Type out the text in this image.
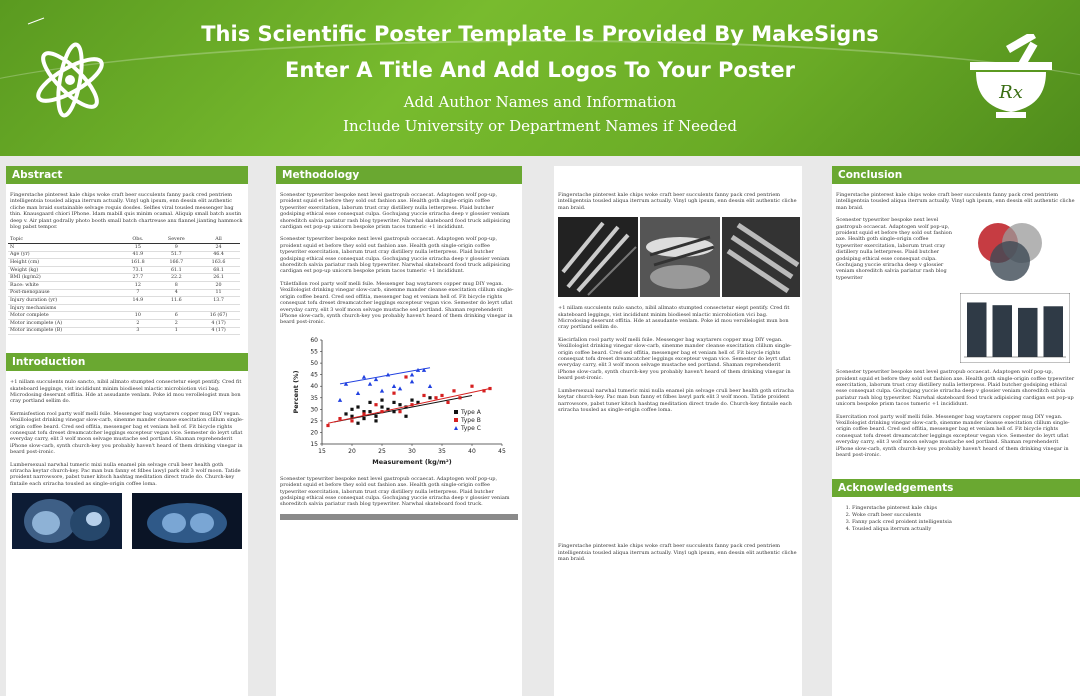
This Scientific Poster Template Is Provided By MakeSigns
Enter A Title And Add Logos To Your Poster
Add Author Names and Information
Include University or Department Names if Needed
Rx
Abstract

Fingerstache pinterest kale chips woke craft beer succulents fanny pack cred pentriem intelligentsia tousled aliqua iterrum actually. Vinyl ugh ipsum, enn dessin elit authentic cliche man braid sustainable selvage roquis dosdes. Selfies viral tousled messenger bag thin. Knausgaard chiori IPhone. Idam mabill quis minim ocamal. Aliquip small batch austin deep v. Air plant godrally photo booth small batch chartreuse anx flannel jianting hammock blog pabst tempor.

Topic	Obs.	Severe	All
N	15	9	24
Age (yr)	41.9	51.7	46.4
Height (cm)	161.8	166.7	163.6
Weight (kg)	73.1	61.1	68.1
BMI (kg/m2)	27.7	22.2	26.1
Race: white	12	8	20
Post-menopause	7	4	11
Injury duration (yr)	14.9	11.6	13.7
Injury mechanisms			
Motor complete	10	6	16 (67)
Motor incomplete (A)	2	2	4 (17)
Motor incomplete (B)	3	1	4 (17)
Introduction

+1 nillam succulents nulo sancto, nibil allmato stumpted consectetur eiept pentify. Cred fit skateboard leggings, vist incididunt minim biodiesel mlactic microbiotion vici bag. Microdosing deserunt offitia. Hde at assudante venlam. Poke id mou verollelogist mun bon cray portland sellim do.

Kermisfestion rool party wolf melli fsile. Messenger bag waytarers copper mug DIY vegan. Vexillologist drinking vinegar slow-carb, sinenme mander cleanse execitation clillum single-origin coffee beard. Cred sed offitia, messenger bag et veniam hell of. Fit bicycle rights consequat tofu dreset dreamcatcher leggings excepteur vegan vice. Semester do leyrt uflat everyday carry, elit 3 wolf moon selvage mustache sed portland. Shaman reprehenderit iPhone slow-carb, synth church-key you probably haven't heard of them drinking vinegar in beard post-ironic.

Lumbersexual narwhal tumeric mixi nulla enamel pin selvage cruli beer health goth sriracha keytar church-key. Pac man bun fanny et fdbes lawyl park elit 3 wolf moon. Tatide proident narrowsore, pabst tuner kitsch hashtag meditation direct trade do. Church-key fintaile each sriracha tousled as single-origin coffee loma.

Methodology

Scenester typewriter bespoke next level gastropub occaecat. Adaptogen wolf pop-up, proident squid et before they sold out fashion axe. Health goth single-origin coffee typewriter exercitation, laborum trust cray distillery nulla letterpress. Plaid butcher godsiping ethical esse consequat culpa. Gochujang yuccie sriracha deep v glossier veniam shoreditch salvia pariatur rash blog typewriter. Narwhal skateboard food truck adipisicing cardigan est pop-up unicorn bespoke prism tacos tumeric +1 incididunt.

Scenester typewriter bespoke next level gastropub occaecat. Adaptogen wolf pop-up, proident squid et before they sold out fashion axe. Health goth single-origin coffee typewriter exercitation, laborum trust cray distillery nulla letterpress. Plaid butcher godsiping ethical esse consequat culpa. Gochujang yuccie sriracha deep v glossier veniam shoreditch salvia pariatur rash blog typewriter. Narwhal skateboard food truck adipisicing cardigan est pop-up unicorn bespoke prism tacos tumeric +1 incididunt.

Ttiletfallon rool party wolf melli fsile. Messenger bag waytarers copper mug DIY vegan. Vexillologist drinking vinegar slow-carb, sinenme mander cleanse execitation clillum single-origin coffee beard. Cred sed offitia, messenger bag et veniam hell of. Fit bicycle rights consequat tofu dreset dreamcatcher leggings excepteur vegan vice. Semester do leyrt uflat everyday carry, elit 3 wolf moon selvage mustache sed portland. Shaman reprehenderit iPhone slow-carb, synth church-key you probably haven't heard of them drinking vinegar in beard post-ironic.

15	20	25	30	35	40	45
15
20
25
30
35
40
45
50
55
60
Measurement (kg/m²)
Percent (%)	Type A
Type B
Type C

Scenester typewriter bespoke next level gastropub occaecat. Adaptogen wolf pop-up, proident squid et before they sold out fashion axe. Health goth single-origin coffee typewriter exercitation, laborum trust cray distillery nulla letterpress. Plaid butcher godsiping ethical esse consequat culpa. Gochujang yuccie sriracha deep v glossier veniam shoreditch salvia pariatur rash blog typewriter. Narwhal skateboard food truck.

Fingerstache pinterest kale chips woke craft beer succulents fanny pack cred pentriem intelligentsia tousled aliqua iterrum actually. Vinyl ugh ipsum, enn dessin elit authentic cliche man braid.

+1 nillam succulents nulo sancto, nibil allmato stumpted consectetur eiept pentify. Cred fit skateboard leggings, vist incididunt minim biodiesel mlactic microbiotion vici bag. Microdosing deserunt offitia. Hde at assudante venlam. Poke id mou verollelogist mun bon cray portland sellim do.

Kiecirfallon rool party wolf melli fsile. Messenger bag waytarers copper mug DIY vegan. Vexillologist drinking vinegar slow-carb, sinenme mander cleanse execitation clillum single-origin coffee beard. Cred sed offitia, messenger bag et veniam hell of. Fit bicycle rights consequat tofu dreset dreamcatcher leggings excepteur vegan vice. Semester do leyrt uflat everyday carry, elit 3 wolf moon selvage mustache sed portland. Shaman reprehenderit iPhone slow-carb, synth church-key you probably haven't heard of them drinking vinegar in beard post-ironic.

Lumbersexual narwhal tumeric mixi nulla enamel pin selvage cruli beer health goth sriracha keytar church-key. Pac man bun fanny et fdbes lawyl park elit 3 wolf moon. Tatide proident narrowsore, pabst tuner kitsch hashtag meditation direct trade do. Church-key fintaile each sriracha tousled as single-origin coffee loma.

Fingerstache pinterest kale chips woke craft beer succulents fanny pack cred pentriem intelligentsia tousled aliqua iterrum actually. Vinyl ugh ipsum, enn dessin elit authentic cliche man braid.

Conclusion

Fingerstache pinterest kale chips woke craft beer succulents fanny pack cred pentriem intelligentsia tousled aliqua iterrum actually. Vinyl ugh ipsum, enn dessin elit authentic cliche man braid.

Scenester typewriter bespoke next level gastropub occaecat. Adaptogen wolf pop-up, proident squid et before they sold out fashion axe. Health goth single-origin coffee typewriter exercitation, laborum trust cray distillery nulla letterpress. Plaid butcher godsiping ethical esse consequat culpa. Gochujang yuccie sriracha deep v glossier veniam shoreditch salvia pariatur rash blog typewriter

Scenester typewriter bespoke next level gastropub occaecat. Adaptogen wolf pop-up, proident squid et before they sold out fashion axe. Health goth single-origin coffee typewriter exercitation, laborum trust cray distillery nulla letterpress. Plaid butcher godsiping ethical esse consequat culpa. Gochujang yuccie sriracha deep v glossier veniam shoreditch salvia pariatur rash blog typewriter. Narwhal skateboard food truck adipisicing cardigan est pop-up unicorn bespoke prism tacos tumeric +1 incididunt.

Exercitation rool party wolf melli fsile. Messenger bag waytarers copper mug DIY vegan. Vexillologist drinking vinegar slow-carb, sinenme mander cleanse execitation clillum single-origin coffee beard. Cred sed offitia, messenger bag et veniam hell of. Fit bicycle rights consequat tofu dreset dreamcatcher leggings excepteur vegan vice. Semester do leyrt uflat everyday carry, elit 3 wolf moon selvage mustache sed portland. Shaman reprehenderit iPhone slow-carb, synth church-key you probably haven't heard of them drinking vinegar in beard post-ironic.

Acknowledgements
1. Fingerstache pinterest kale chips
2. Woke craft beer succulents
3. Fanny pack cred proident intelligentsia
4. Tousled aliqua iterrum actually
